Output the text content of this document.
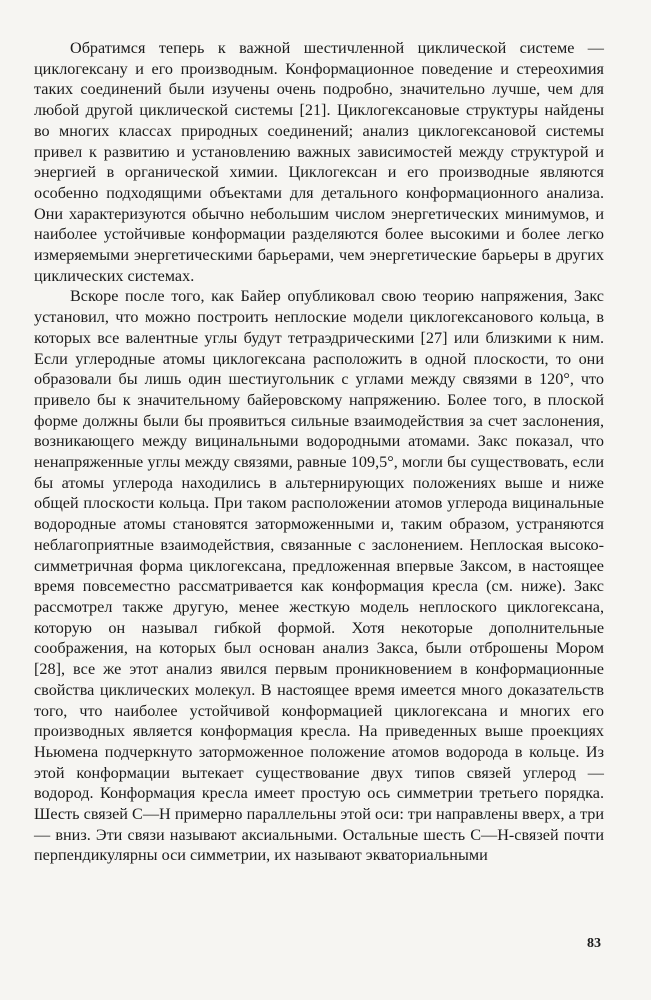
Обратимся теперь к важной шестичленной циклической системе — циклогексану и его производным. Конформационное поведение и стереохимия таких соединений были изучены очень подробно, значительно лучше, чем для любой другой циклической системы [21]. Циклогексановые структуры найдены во многих классах природных соединений; анализ циклогексановой системы привел к развитию и установлению важных зависимостей между структурой и энергией в органической химии. Циклогексан и его производные являются особенно подходящими объектами для детального конформационного анализа. Они характеризуются обычно небольшим числом энергетических минимумов, и наиболее устойчивые конформации разделяются более высокими и более легко измеряемыми энергетическими барьерами, чем энергетические барьеры в других циклических системах.

Вскоре после того, как Байер опубликовал свою теорию напряжения, Закс установил, что можно построить неплоские модели циклогексанового кольца, в которых все валентные углы будут тетраэдрическими [27] или близкими к ним. Если углеродные атомы циклогексана расположить в одной плоскости, то они образовали бы лишь один шестиугольник с углами между связями в 120°, что привело бы к значительному байеровскому напряжению. Более того, в плоской форме должны были бы проявиться сильные взаимодействия за счет заслонения, возникающего между вицинальными водородными атомами. Закс показал, что ненапряженные углы между связями, равные 109,5°, могли бы существовать, если бы атомы углерода находились в альтернирующих положениях выше и ниже общей плоскости кольца. При таком расположении атомов углерода вицинальные водородные атомы становятся заторможенными и, таким образом, устраняются неблагоприятные взаимодействия, связанные с заслонением. Неплоская высокосимметричная форма циклогексана, предложенная впервые Заксом, в настоящее время повсеместно рассматривается как конформация кресла (см. ниже). Закс рассмотрел также другую, менее жесткую модель неплоского циклогексана, которую он называл гибкой формой. Хотя некоторые дополнительные соображения, на которых был основан анализ Закса, были отброшены Мором [28], все же этот анализ явился первым проникновением в конформационные свойства циклических молекул. В настоящее время имеется много доказательств того, что наиболее устойчивой конформацией циклогексана и многих его производных является конформация кресла. На приведенных выше проекциях Ньюмена подчеркнуто заторможенное положение атомов водорода в кольце. Из этой конформации вытекает существование двух типов связей углерод — водород. Конформация кресла имеет простую ось симметрии третьего порядка. Шесть связей C—H примерно параллельны этой оси: три направлены вверх, а три — вниз. Эти связи называют аксиальными. Остальные шесть C—H-связей почти перпендикулярны оси симметрии, их называют экваториальными

83
